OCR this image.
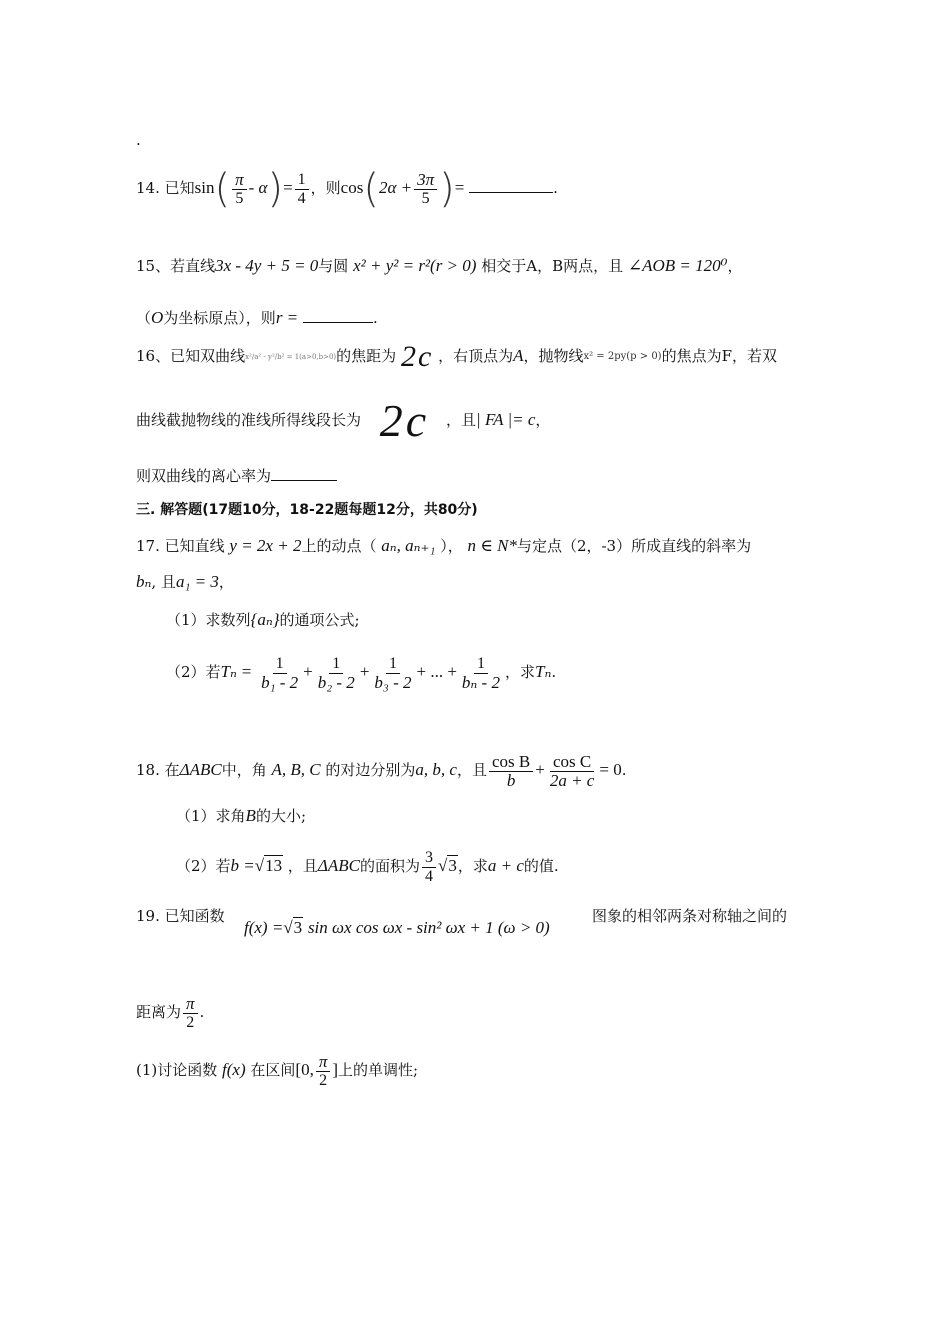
.
14. 已知$\sin( \frac{\pi}{5} - \alpha)= \frac{1}{4}$ ，则$\cos(2\alpha + \frac{3\pi}{5}$ )=	.
15、若直线3x - 4y + 5 = 0与圆 x² + y² = r²(r > 0) 相交于A，B两点，且 ∠AOB = 120⁰，
（O为坐标原点），则r =	.
16、已知双曲线x²/a² - y²/b² = 1(a>0,b>0)的焦距为 2c ，右顶点为A，抛物线x² = 2py(p > 0)的焦点为F，若双
曲线截抛物线的准线所得线段长为 2c ，且| FA |= c，
则双曲线的离心率为
三. 解答题(17题10分，18-22题每题12分，共80分)
17. 已知直线 y = 2x + 2上的动点（ aₙ, aₙ₊₁ ）， n ∈ N*与定点（2，-3）所成直线的斜率为
bₙ, 且a₁ = 3，
（1）求数列{aₙ}的通项公式;
（2）若$T_n = \frac{1}{\text{b₁ - 2}} + \frac{1}{\text{b₂ - 2}} + \frac{1}{\text{b₃ - 2}}$ + ... + $\frac{1}{\text{bₙ - 2}}$ ，求Tₙ.
18. 在ΔABC中，角 A, B, C 的对边分别为a, b, c，且 $\frac{\text{cos B}}{b} + \frac{\text{cos C}}{2a + c} = 0$.
（1）求角B的大小;
（2）若b =√13 ，且ΔABC的面积为 $\frac{3}{4} √3$，求a + c的值.
19. 已知函数
f(x) =√3 sin ωx cos ωx - sin² ωx + 1 (ω > 0)
图象的相邻两条对称轴之间的
距离为 $\frac{\pi}{2}$ .
(1)讨论函数 f(x) 在区间[0, $\frac{\pi}{2}$ ]上的单调性;
